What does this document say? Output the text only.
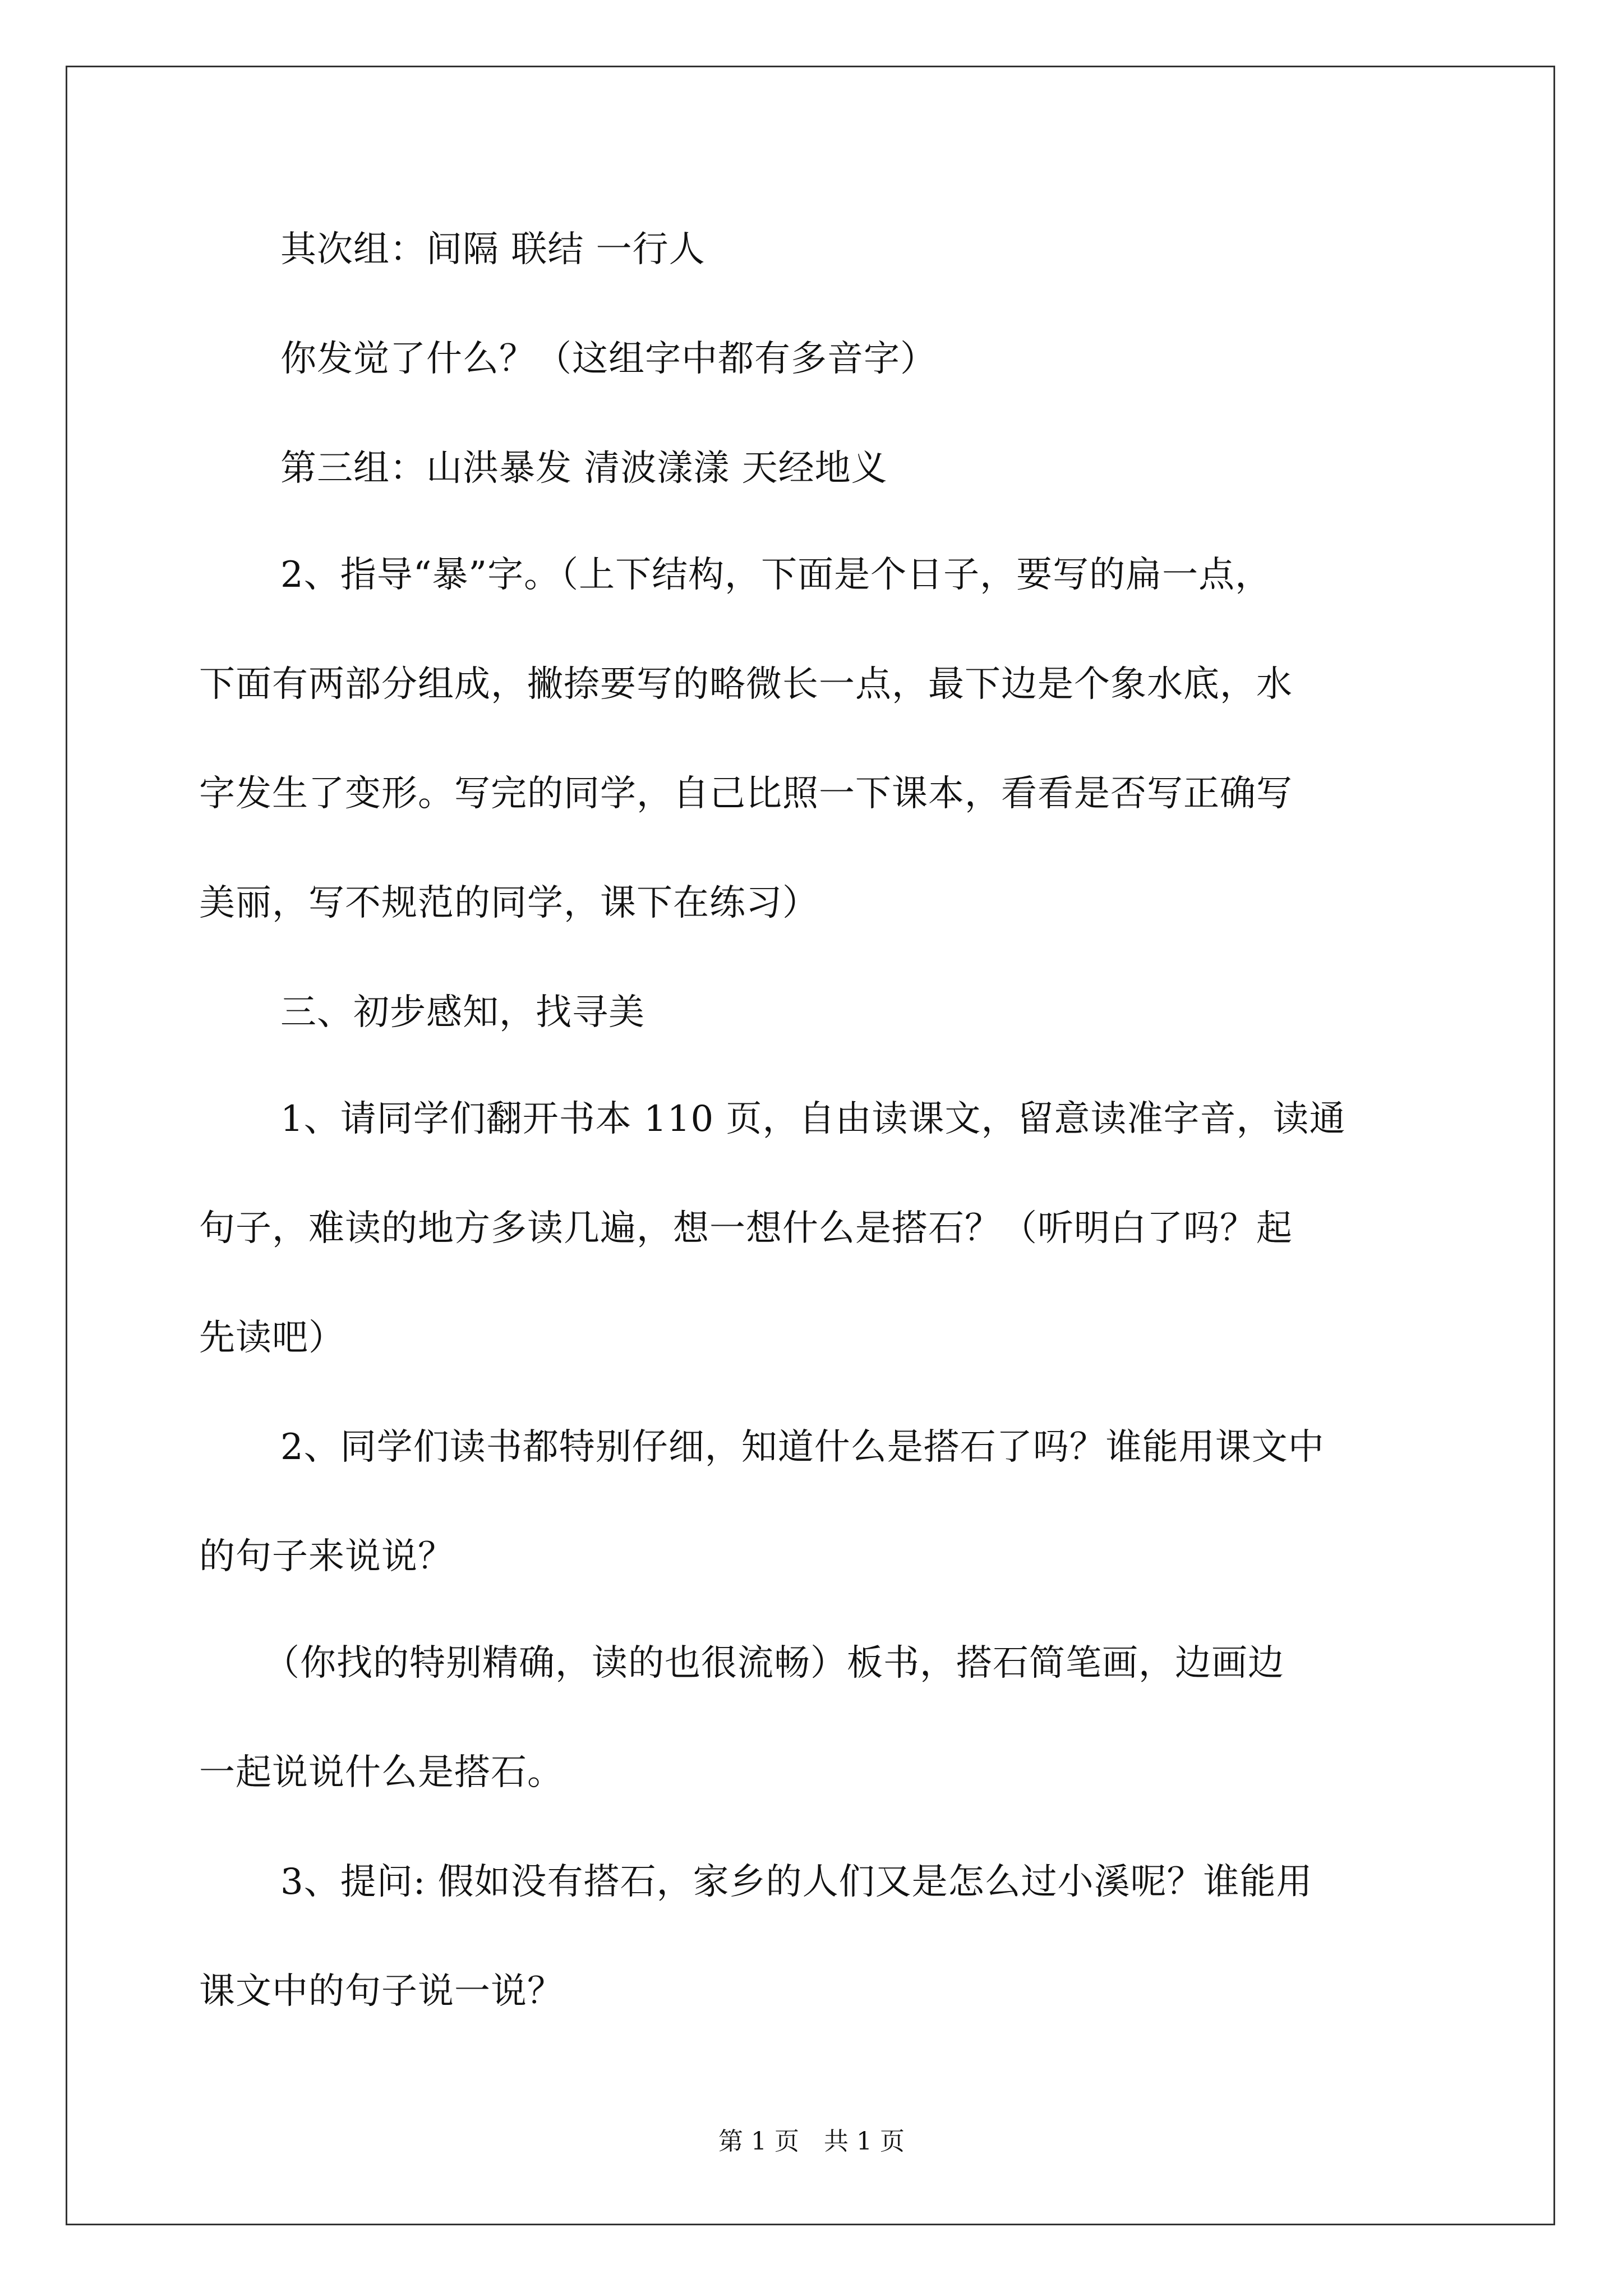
其次组：间隔 联结 一行人

你发觉了什么？（这组字中都有多音字）

第三组：山洪暴发 清波漾漾 天经地义

2、指导“暴”字。（上下结构，下面是个日子，要写的扁一点，

下面有两部分组成，撇捺要写的略微长一点，最下边是个象水底，水

字发生了变形。写完的同学，自己比照一下课本，看看是否写正确写

美丽，写不规范的同学，课下在练习）

三、初步感知，找寻美

1、请同学们翻开书本 110 页，自由读课文，留意读准字音，读通

句子，难读的地方多读几遍，想一想什么是搭石？（听明白了吗？起

先读吧）

2、同学们读书都特别仔细，知道什么是搭石了吗？谁能用课文中

的句子来说说？

（你找的特别精确，读的也很流畅）板书，搭石简笔画，边画边

一起说说什么是搭石。

3、提问: 假如没有搭石，家乡的人们又是怎么过小溪呢？谁能用

课文中的句子说一说？

第 1 页　共 1 页
